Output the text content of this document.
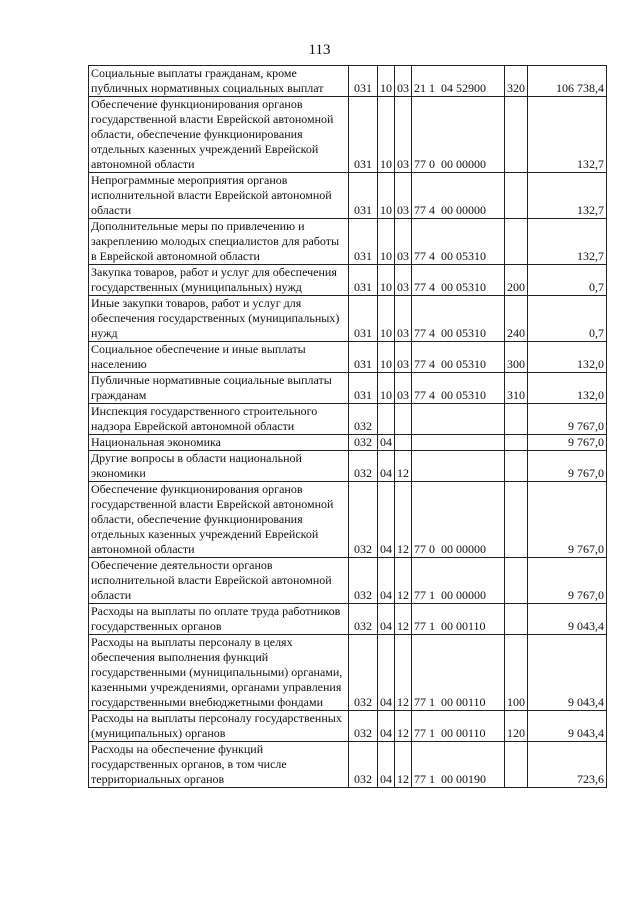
113
Социальные выплаты гражданам, кроме публичных нормативных социальных выплат	031	10	03	21 1  04 52900	320	106 738,4
Обеспечение функционирования органов государственной власти Еврейской автономной области, обеспечение функционирования отдельных казенных учреждений Еврейской автономной области	031	10	03	77 0  00 00000		132,7
Непрограммные мероприятия органов исполнительной власти Еврейской автономной области	031	10	03	77 4  00 00000		132,7
Дополнительные меры по привлечению и закреплению молодых специалистов для работы в Еврейской автономной области	031	10	03	77 4  00 05310		132,7
Закупка товаров, работ и услуг для обеспечения государственных (муниципальных) нужд	031	10	03	77 4  00 05310	200	0,7
Иные закупки товаров, работ и услуг для обеспечения государственных (муниципальных) нужд	031	10	03	77 4  00 05310	240	0,7
Социальное обеспечение и иные выплаты населению	031	10	03	77 4  00 05310	300	132,0
Публичные нормативные социальные выплаты гражданам	031	10	03	77 4  00 05310	310	132,0
Инспекция государственного строительного надзора Еврейской автономной области	032					9 767,0
Национальная экономика	032	04				9 767,0
Другие вопросы в области национальной экономики	032	04	12			9 767,0
Обеспечение функционирования органов государственной власти Еврейской автономной области, обеспечение функционирования отдельных казенных учреждений Еврейской автономной области	032	04	12	77 0  00 00000		9 767,0
Обеспечение деятельности органов исполнительной власти Еврейской автономной области	032	04	12	77 1  00 00000		9 767,0
Расходы на выплаты по оплате труда работников государственных органов	032	04	12	77 1  00 00110		9 043,4
Расходы на выплаты персоналу в целях обеспечения выполнения функций государственными (муниципальными) органами, казенными учреждениями, органами управления государственными внебюджетными фондами	032	04	12	77 1  00 00110	100	9 043,4
Расходы на выплаты персоналу государственных (муниципальных) органов	032	04	12	77 1  00 00110	120	9 043,4
Расходы на обеспечение функций государственных органов, в том числе территориальных органов	032	04	12	77 1  00 00190		723,6
